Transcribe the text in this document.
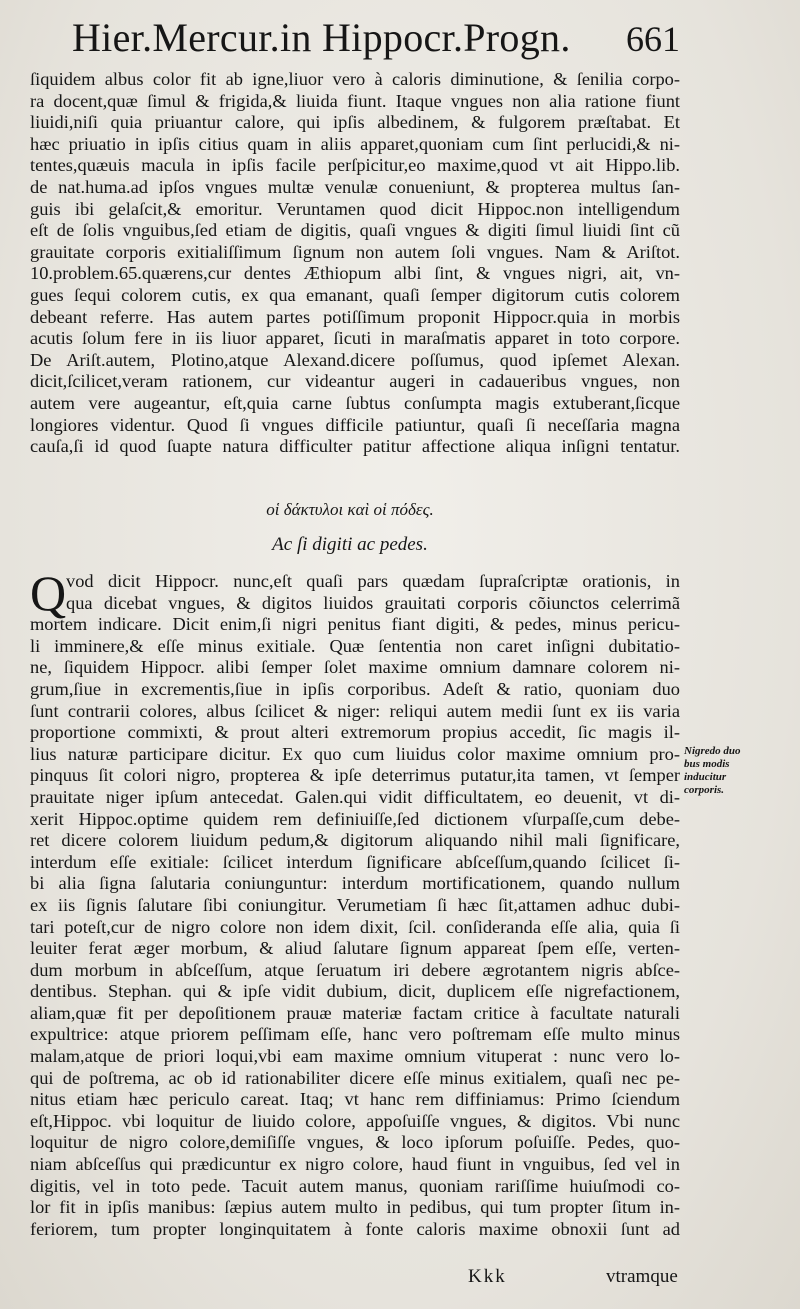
Hier.Mercur.in Hippocr.Progn. 661
ſiquidem albus color fit ab igne,liuor vero à caloris diminutione, & ſenilia corpo-
ra docent,quæ ſimul & frigida,& liuida fiunt. Itaque vngues non alia ratione fiunt
liuidi,niſi quia priuantur calore, qui ipſis albedinem, & fulgorem præſtabat. Et
hæc priuatio in ipſis citius quam in aliis apparet,quoniam cum ſint perlucidi,& ni-
tentes,quæuis macula in ipſis facile perſpicitur,eo maxime,quod vt ait Hippo.lib.
de nat.huma.ad ipſos vngues multæ venulæ conueniunt, & propterea multus ſan-
guis ibi gelaſcit,& emoritur. Veruntamen quod dicit Hippoc.non intelligendum
eſt de ſolis vnguibus,ſed etiam de digitis, quaſi vngues & digiti ſimul liuidi ſint cũ
grauitate corporis exitialiſſimum ſignum non autem ſoli vngues. Nam & Ariſtot.
10.problem.65.quærens,cur dentes Æthiopum albi ſint, & vngues nigri, ait, vn-
gues ſequi colorem cutis, ex qua emanant, quaſi ſemper digitorum cutis colorem
debeant referre. Has autem partes potiſſimum proponit Hippocr.quia in morbis
acutis ſolum fere in iis liuor apparet, ſicuti in maraſmatis apparet in toto corpore.
De Ariſt.autem, Plotino,atque Alexand.dicere poſſumus, quod ipſemet Alexan.
dicit,ſcilicet,veram rationem, cur videantur augeri in cadaueribus vngues, non
autem vere augeantur, eſt,quia carne ſubtus conſumpta magis extuberant,ſicque
longiores videntur. Quod ſi vngues difficile patiuntur, quaſi ſi neceſſaria magna
cauſa,ſi id quod ſuapte natura difficulter patitur affectione aliqua inſigni tentatur.
οἱ δάκτυλοι καὶ οἱ πόδες.
Ac ſi digiti ac pedes.
Q vod dicit Hippocr. nunc,eſt quaſi pars quædam ſupraſcriptæ orationis, in
qua dicebat vngues, & digitos liuidos grauitati corporis cõiunctos celerrimã
mortem indicare. Dicit enim,ſi nigri penitus fiant digiti, & pedes, minus pericu-
li imminere,& eſſe minus exitiale. Quæ ſententia non caret inſigni dubitatio-
ne, ſiquidem Hippocr. alibi ſemper ſolet maxime omnium damnare colorem ni-
grum,ſiue in excrementis,ſiue in ipſis corporibus. Adeſt & ratio, quoniam duo
ſunt contrarii colores, albus ſcilicet & niger: reliqui autem medii ſunt ex iis varia
proportione commixti, & prout alteri extremorum propius accedit, ſic magis il-
lius naturæ participare dicitur. Ex quo cum liuidus color maxime omnium pro-
pinquus ſit colori nigro, propterea & ipſe deterrimus putatur,ita tamen, vt ſemper
prauitate niger ipſum antecedat. Galen.qui vidit difficultatem, eo deuenit, vt di-
xerit Hippoc.optime quidem rem definiuiſſe,ſed dictionem vſurpaſſe,cum debe-
ret dicere colorem liuidum pedum,& digitorum aliquando nihil mali ſignificare,
interdum eſſe exitiale: ſcilicet interdum ſignificare abſceſſum,quando ſcilicet ſi-
bi alia ſigna ſalutaria coniunguntur: interdum mortificationem, quando nullum
ex iis ſignis ſalutare ſibi coniungitur. Verumetiam ſi hæc ſit,attamen adhuc dubi-
tari poteſt,cur de nigro colore non idem dixit, ſcil. conſideranda eſſe alia, quia ſi
leuiter ferat æger morbum, & aliud ſalutare ſignum appareat ſpem eſſe, verten-
dum morbum in abſceſſum, atque ſeruatum iri debere ægrotantem nigris abſce-
dentibus. Stephan. qui & ipſe vidit dubium, dicit, duplicem eſſe nigrefactionem,
aliam,quæ fit per depoſitionem prauæ materiæ factam critice à facultate naturali
expultrice: atque priorem peſſimam eſſe, hanc vero poſtremam eſſe multo minus
malam,atque de priori loqui,vbi eam maxime omnium vituperat : nunc vero lo-
qui de poſtrema, ac ob id rationabiliter dicere eſſe minus exitialem, quaſi nec pe-
nitus etiam hæc periculo careat. Itaq; vt hanc rem diffiniamus: Primo ſciendum
eſt,Hippoc. vbi loquitur de liuido colore, appoſuiſſe vngues, & digitos. Vbi nunc
loquitur de nigro colore,demiſiſſe vngues, & loco ipſorum poſuiſſe. Pedes, quo-
niam abſceſſus qui prædicuntur ex nigro colore, haud fiunt in vnguibus, ſed vel in
digitis, vel in toto pede. Tacuit autem manus, quoniam rariſſime huiuſmodi co-
lor fit in ipſis manibus: ſæpius autem multo in pedibus, qui tum propter ſitum in-
feriorem, tum propter longinquitatem à fonte caloris maxime obnoxii ſunt ad
Nigredo duo
bus modis
inducitur
corporis.
Kkk	vtramque
